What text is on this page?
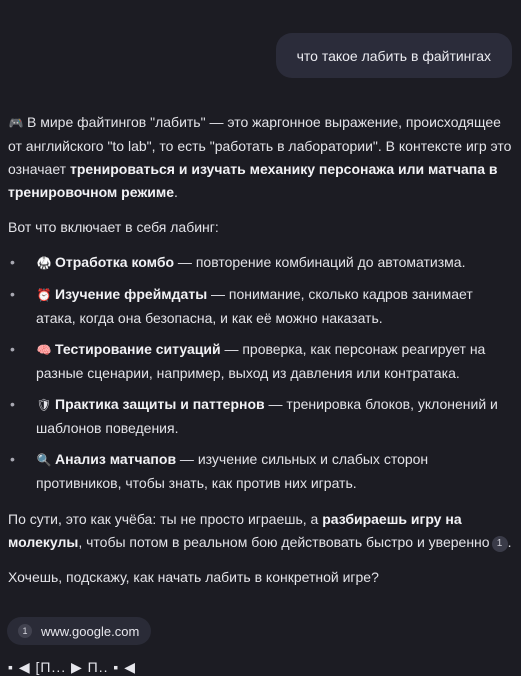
что такое лабить в файтингах

🎮 В мире файтингов "лабить" — это жаргонное выражение, происходящее от английского "to lab", то есть "работать в лаборатории". В контексте игр это означает тренироваться и изучать механику персонажа или матчапа в тренировочном режиме.

Вот что включает в себя лабинг:

• 🥋 Отработка комбо — повторение комбинаций до автоматизма.
• ⏰ Изучение фреймдаты — понимание, сколько кадров занимает атака, когда она безопасна, и как её можно наказать.
• 🧠 Тестирование ситуаций — проверка, как персонаж реагирует на разные сценарии, например, выход из давления или контратака.
• 🛡 Практика защиты и паттернов — тренировка блоков, уклонений и шаблонов поведения.
• 🔍 Анализ матчапов — изучение сильных и слабых сторон противников, чтобы знать, как против них играть.

По сути, это как учёба: ты не просто играешь, а разбираешь игру на молекулы, чтобы потом в реальном бою действовать быстро и уверенно 1 .

Хочешь, подскажу, как начать лабить в конкретной игре?

1	www.google.com
▪ ◀ [П... ▶ П.. ▪ ◀
